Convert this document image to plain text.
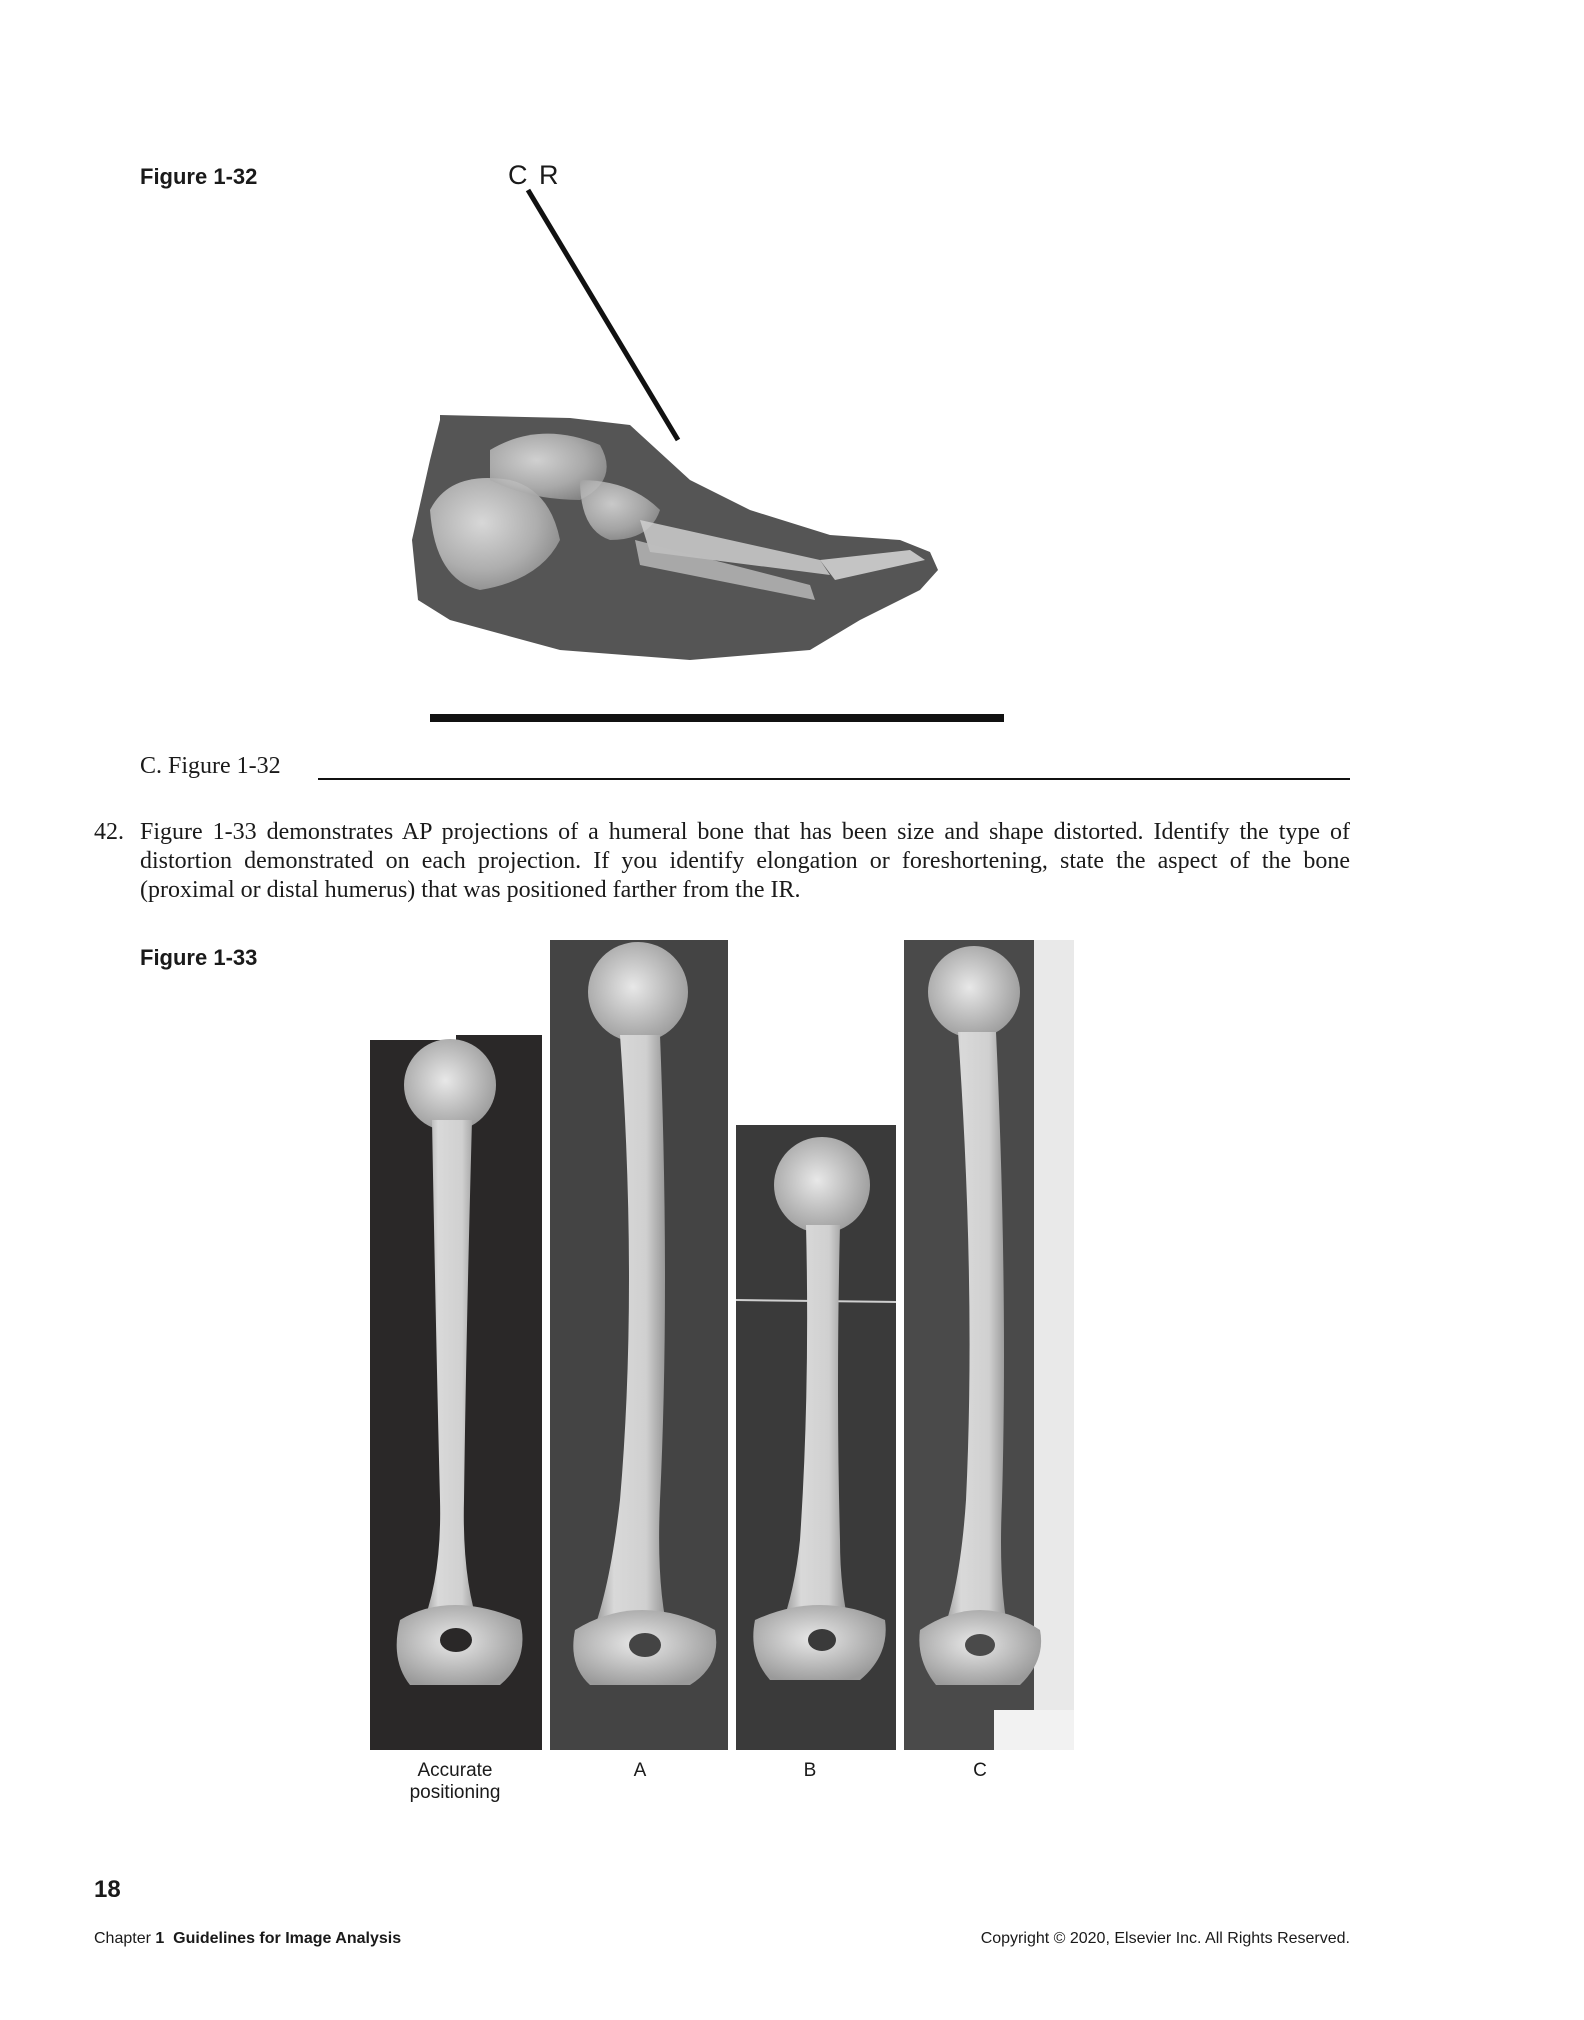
Figure 1-32	C R
C. Figure 1-32
42. Figure 1-33 demonstrates AP projections of a humeral bone that has been size and shape distorted. Identify the type of distortion demonstrated on each projection. If you identify elongation or foreshortening, state the aspect of the bone (proximal or distal humerus) that was positioned farther from the IR.
Figure 1-33
Accurate positioning
A	B	C
18
Chapter 1 Guidelines for Image Analysis	Copyright © 2020, Elsevier Inc. All Rights Reserved.
